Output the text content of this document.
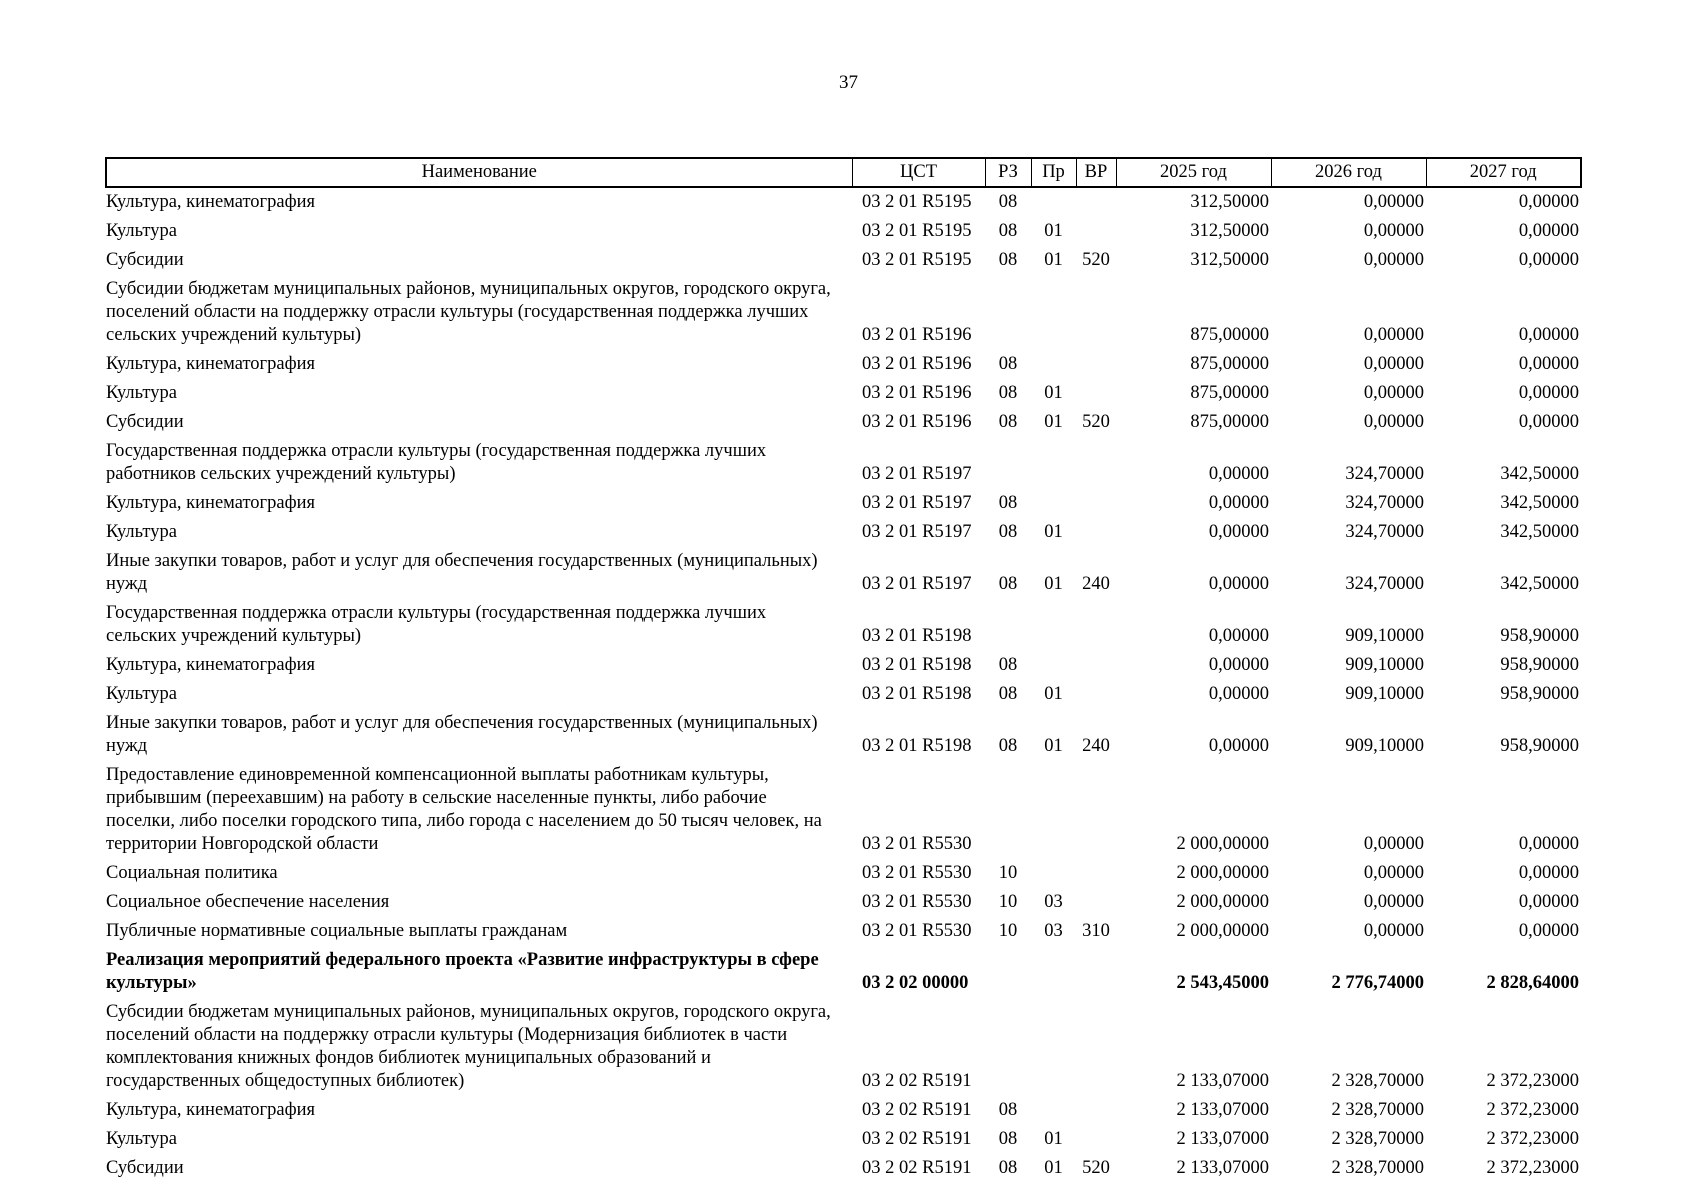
37
Наименование	ЦСТ	РЗ	Пр	ВР	2025 год	2026 год	2027 год
Культура, кинематография	03 2 01 R5195	08			312,50000	0,00000	0,00000
Культура	03 2 01 R5195	08	01		312,50000	0,00000	0,00000
Субсидии	03 2 01 R5195	08	01	520	312,50000	0,00000	0,00000
Субсидии бюджетам муниципальных районов, муниципальных округов, городского округа, поселений области на поддержку отрасли культуры (государственная поддержка лучших сельских учреждений культуры)	03 2 01 R5196				875,00000	0,00000	0,00000
Культура, кинематография	03 2 01 R5196	08			875,00000	0,00000	0,00000
Культура	03 2 01 R5196	08	01		875,00000	0,00000	0,00000
Субсидии	03 2 01 R5196	08	01	520	875,00000	0,00000	0,00000
Государственная поддержка отрасли культуры (государственная поддержка лучших работников сельских учреждений культуры)	03 2 01 R5197				0,00000	324,70000	342,50000
Культура, кинематография	03 2 01 R5197	08			0,00000	324,70000	342,50000
Культура	03 2 01 R5197	08	01		0,00000	324,70000	342,50000
Иные закупки товаров, работ и услуг для обеспечения государственных (муниципальных) нужд	03 2 01 R5197	08	01	240	0,00000	324,70000	342,50000
Государственная поддержка отрасли культуры (государственная поддержка лучших сельских учреждений культуры)	03 2 01 R5198				0,00000	909,10000	958,90000
Культура, кинематография	03 2 01 R5198	08			0,00000	909,10000	958,90000
Культура	03 2 01 R5198	08	01		0,00000	909,10000	958,90000
Иные закупки товаров, работ и услуг для обеспечения государственных (муниципальных) нужд	03 2 01 R5198	08	01	240	0,00000	909,10000	958,90000
Предоставление единовременной компенсационной выплаты работникам культуры, прибывшим (переехавшим) на работу в сельские населенные пункты, либо рабочие поселки, либо поселки городского типа, либо города с населением до 50 тысяч человек, на территории Новгородской области	03 2 01 R5530				2 000,00000	0,00000	0,00000
Социальная политика	03 2 01 R5530	10			2 000,00000	0,00000	0,00000
Социальное обеспечение населения	03 2 01 R5530	10	03		2 000,00000	0,00000	0,00000
Публичные нормативные социальные выплаты гражданам	03 2 01 R5530	10	03	310	2 000,00000	0,00000	0,00000
Реализация мероприятий федерального проекта «Развитие инфраструктуры в сфере культуры»	03 2 02 00000				2 543,45000	2 776,74000	2 828,64000
Субсидии бюджетам муниципальных районов, муниципальных округов, городского округа, поселений области на поддержку отрасли культуры (Модернизация библиотек в части комплектования книжных фондов библиотек муниципальных образований и государственных общедоступных библиотек)	03 2 02 R5191				2 133,07000	2 328,70000	2 372,23000
Культура, кинематография	03 2 02 R5191	08			2 133,07000	2 328,70000	2 372,23000
Культура	03 2 02 R5191	08	01		2 133,07000	2 328,70000	2 372,23000
Субсидии	03 2 02 R5191	08	01	520	2 133,07000	2 328,70000	2 372,23000
